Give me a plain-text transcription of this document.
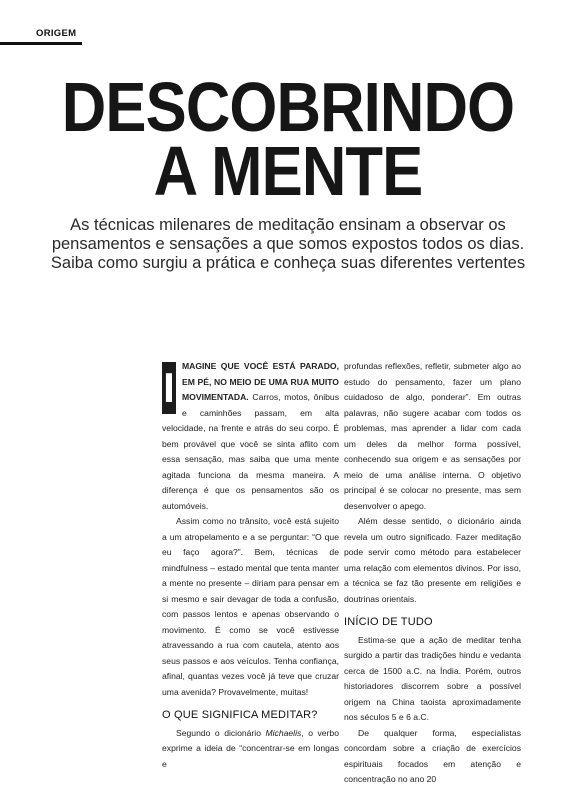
ORIGEM
DESCOBRINDO
A MENTE
As técnicas milenares de meditação ensinam a observar os pensamentos e sensações a que somos expostos todos os dias. Saiba como surgiu a prática e conheça suas diferentes vertentes

I MAGINE QUE VOCÊ ESTÁ PARADO, EM PÉ, NO MEIO DE UMA RUA MUITO MOVIMENTADA. Carros, motos, ônibus e caminhões passam, em alta velocidade, na frente e atrás do seu corpo. É bem provável que você se sinta aflito com essa sensação, mas saiba que uma mente agitada funciona da mesma maneira. A diferença é que os pensamentos são os automóveis.

Assim como no trânsito, você está sujeito a um atropelamento e a se perguntar: “O que eu faço agora?”. Bem, técnicas de mindfulness – estado mental que tenta manter a mente no presente – diriam para pensar em si mesmo e sair devagar de toda a confusão, com passos lentos e apenas observando o movimento. É como se você estivesse atravessando a rua com cautela, atento aos seus passos e aos veículos. Tenha confiança, afinal, quantas vezes você já teve que cruzar uma avenida? Provavelmente, muitas!

O QUE SIGNIFICA MEDITAR?

Segundo o dicionário Michaelis, o verbo exprime a ideia de “concentrar-se em longas e

profundas reflexões, refletir, submeter algo ao estudo do pensamento, fazer um plano cuidadoso de algo, ponderar”. Em outras palavras, não sugere acabar com todos os problemas, mas aprender a lidar com cada um deles da melhor forma possível, conhecendo sua origem e as sensações por meio de uma análise interna. O objetivo principal é se colocar no presente, mas sem desenvolver o apego.

Além desse sentido, o dicionário ainda revela um outro significado. Fazer meditação pode servir como método para estabelecer uma relação com elementos divinos. Por isso, a técnica se faz tão presente em religiões e doutrinas orientais.

INÍCIO DE TUDO

Estima-se que a ação de meditar tenha surgido a partir das tradições hindu e vedanta cerca de 1500 a.C. na Índia. Porém, outros historiadores discorrem sobre a possível origem na China taoista aproximadamente nos séculos 5 e 6 a.C.

De qualquer forma, especialistas concordam sobre a criação de exercícios espirituais focados em atenção e concentração no ano 20
